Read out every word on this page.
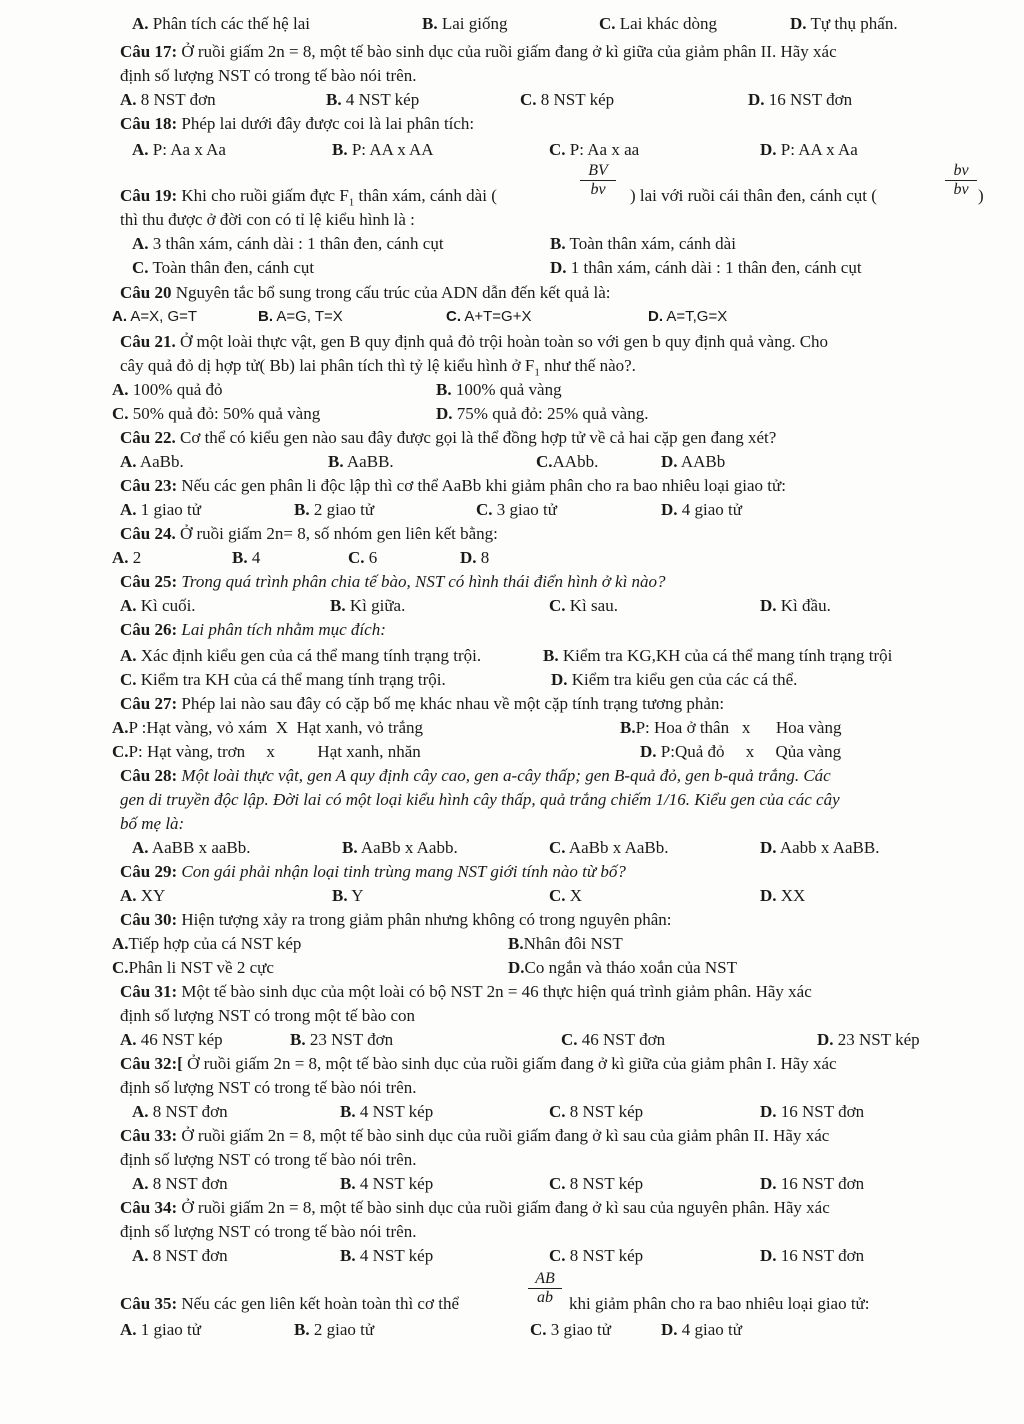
A. Phân tích các thế hệ lai	B. Lai giống	C. Lai khác dòng	D. Tự thụ phấn.
Câu 17: Ở ruồi giấm 2n = 8, một tế bào sinh dục của ruồi giấm đang ở kì giữa của giảm phân II. Hãy xác
định số lượng NST có trong tế bào nói trên.
A. 8 NST đơn	B. 4 NST kép	C. 8 NST kép	D. 16 NST đơn
Câu 18: Phép lai dưới đây được coi là lai phân tích:
A. P: Aa x Aa	B. P: AA x AA	C. P: Aa x aa	D. P: AA x Aa
$\frac{BV}{bv}$	$\frac{bv}{bv}$
Câu 19: Khi cho ruồi giấm đực $F_1$ thân xám, cánh dài (	) lai với ruồi cái thân đen, cánh cụt (	)
thì thu được ở đời con có tỉ lệ kiểu hình là :
A. 3 thân xám, cánh dài : 1 thân đen, cánh cụt	B. Toàn thân xám, cánh dài
C. Toàn thân đen, cánh cụt	D. 1 thân xám, cánh dài : 1 thân đen, cánh cụt
Câu 20 Nguyên tắc bổ sung trong cấu trúc của ADN dẫn đến kết quả là:
A. A=X, G=T	B. A=G, T=X	C. A+T=G+X	D. A=T,G=X
Câu 21. Ở một loài thực vật, gen B quy định quả đỏ trội hoàn toàn so với gen b quy định quả vàng. Cho
cây quả đỏ dị hợp tử( Bb) lai phân tích thì tỷ lệ kiểu hình ở $F_1$ như thế nào?.
A. 100% quả đỏ	B. 100% quả vàng
C. 50% quả đỏ: 50% quả vàng	D. 75% quả đỏ: 25% quả vàng.
Câu 22. Cơ thể có kiểu gen nào sau đây được gọi là thể đồng hợp tử về cả hai cặp gen đang xét?
A. AaBb.	B. AaBB.	C.AAbb.	D. AABb
Câu 23: Nếu các gen phân li độc lập thì cơ thể AaBb khi giảm phân cho ra bao nhiêu loại giao tử:
A. 1 giao tử	B. 2 giao tử	C. 3 giao tử	D. 4 giao tử
Câu 24. Ở ruồi giấm 2n= 8, số nhóm gen liên kết bằng:
A. 2	B. 4	C. 6	D. 8
Câu 25: Trong quá trình phân chia tế bào, NST có hình thái điển hình ở kì nào?
A. Kì cuối.	B. Kì giữa.	C. Kì sau.	D. Kì đầu.
Câu 26: Lai phân tích nhằm mục đích:
A. Xác định kiểu gen của cá thể mang tính trạng trội.	B. Kiểm tra KG,KH của cá thể mang tính trạng trội
C. Kiểm tra KH của cá thể mang tính trạng trội.	D. Kiểm tra kiểu gen của các cá thể.
Câu 27: Phép lai nào sau đây có cặp bố mẹ khác nhau về một cặp tính trạng tương phản:
A.P :Hạt vàng, vỏ xám  X  Hạt xanh, vỏ trắng	B.P: Hoa ở thân   x      Hoa vàng
C.P: Hạt vàng, trơn     x          Hạt xanh, nhăn	D. P:Quả đỏ     x     Qủa vàng
Câu 28: Một loài thực vật, gen A quy định cây cao, gen a-cây thấp; gen B-quả đỏ, gen b-quả trắng. Các
gen di truyền độc lập. Đời lai có một loại kiểu hình cây thấp, quả trắng chiếm 1/16. Kiểu gen của các cây
bố mẹ là:
A. AaBB x aaBb.	B. AaBb x Aabb.	C. AaBb x AaBb.	D. Aabb x AaBB.
Câu 29: Con gái phải nhận loại tinh trùng mang NST giới tính nào từ bố?
A. XY	B. Y	C. X	D. XX
Câu 30: Hiện tượng xảy ra trong giảm phân nhưng không có trong nguyên phân:
A.Tiếp hợp của cá NST kép	B.Nhân đôi NST
C.Phân li NST về 2 cực	D.Co ngắn và tháo xoắn của NST
Câu 31: Một tế bào sinh dục của một loài có bộ NST 2n = 46 thực hiện quá trình giảm phân. Hãy xác
định số lượng NST có trong một tế bào con
A. 46 NST kép	B. 23 NST đơn	C. 46 NST đơn	D. 23 NST kép
Câu 32:[ Ở ruồi giấm 2n = 8, một tế bào sinh dục của ruồi giấm đang ở kì giữa của giảm phân I. Hãy xác
định số lượng NST có trong tế bào nói trên.
A. 8 NST đơn	B. 4 NST kép	C. 8 NST kép	D. 16 NST đơn
Câu 33: Ở ruồi giấm 2n = 8, một tế bào sinh dục của ruồi giấm đang ở kì sau của giảm phân II. Hãy xác
định số lượng NST có trong tế bào nói trên.
A. 8 NST đơn	B. 4 NST kép	C. 8 NST kép	D. 16 NST đơn
Câu 34: Ở ruồi giấm 2n = 8, một tế bào sinh dục của ruồi giấm đang ở kì sau của nguyên phân. Hãy xác
định số lượng NST có trong tế bào nói trên.
A. 8 NST đơn	B. 4 NST kép	C. 8 NST kép	D. 16 NST đơn
$\frac{AB}{ab}$
Câu 35: Nếu các gen liên kết hoàn toàn thì cơ thể	khi giảm phân cho ra bao nhiêu loại giao tử:
A. 1 giao tử	B. 2 giao tử	C. 3 giao tử	D. 4 giao tử
